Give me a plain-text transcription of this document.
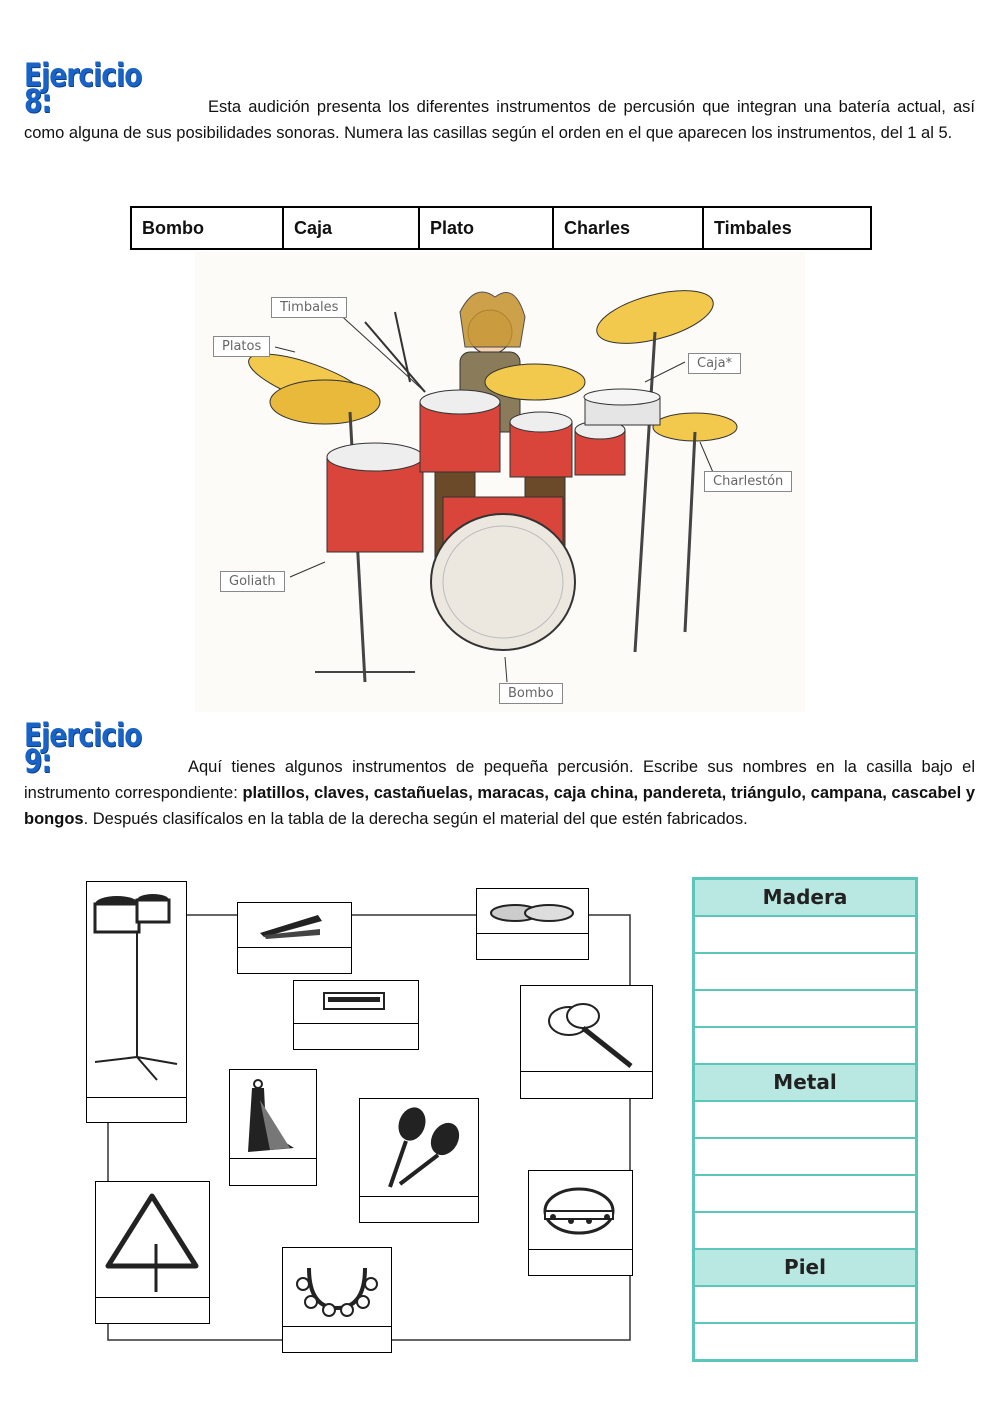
Ejercicio 8:	Esta audición presenta los diferentes instrumentos de percusión que integran una batería actual, así como alguna de sus posibilidades sonoras. Numera las casillas según el orden en el que aparecen los instrumentos, del 1 al 5.
Bombo	Caja	Plato	Charles	Timbales
Timbales
Platos
Caja*
Charlestón
Goliath
Bombo
Ejercicio 9:	Aquí tienes algunos instrumentos de pequeña percusión. Escribe sus nombres en la casilla bajo el instrumento correspondiente: platillos, claves, castañuelas, maracas, caja china, pandereta, triángulo, campana, cascabel y bongos. Después clasifícalos en la tabla de la derecha según el material del que estén fabricados.
Madera
Metal
Piel
